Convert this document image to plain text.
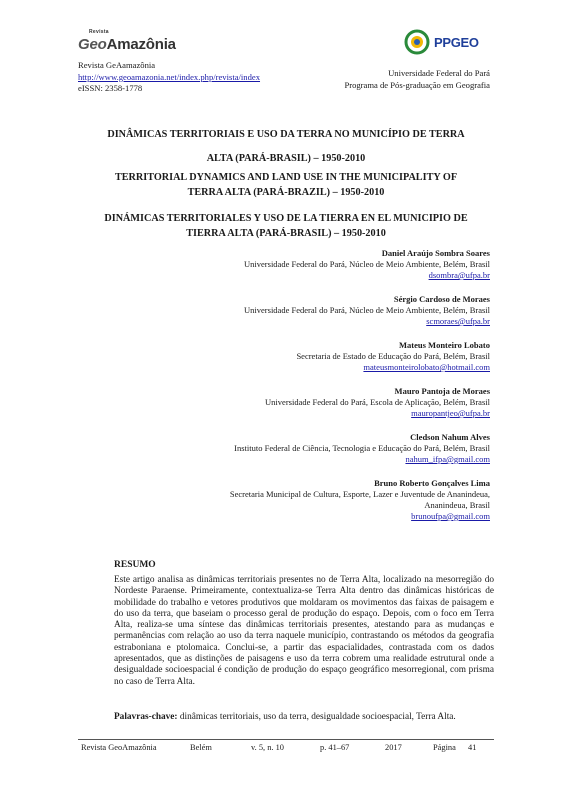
Revista
GeoAmazônia	PPGEO
Revista GeAamazônia
http://www.geoamazonia.net/index.php/revista/index
eISSN: 2358-1778
Universidade Federal do Pará
Programa de Pós-graduação em Geografia
DINÂMICAS TERRITORIAIS E USO DA TERRA NO MUNICÍPIO DE TERRA
ALTA (PARÁ-BRASIL) – 1950-2010
TERRITORIAL DYNAMICS AND LAND USE IN THE MUNICIPALITY OF
TERRA ALTA (PARÁ-BRAZIL) – 1950-2010
DINÁMICAS TERRITORIALES Y USO DE LA TIERRA EN EL MUNICIPIO DE
TIERRA ALTA (PARÁ-BRASIL) – 1950-2010
Daniel Araújo Sombra Soares
Universidade Federal do Pará, Núcleo de Meio Ambiente, Belém, Brasil
dsombra@ufpa.br
Sérgio Cardoso de Moraes
Universidade Federal do Pará, Núcleo de Meio Ambiente, Belém, Brasil
scmoraes@ufpa.br
Mateus Monteiro Lobato
Secretaria de Estado de Educação do Pará, Belém, Brasil
mateusmonteirolobato@hotmail.com
Mauro Pantoja de Moraes
Universidade Federal do Pará, Escola de Aplicação, Belém, Brasil
mauropantjeo@ufpa.br
Cledson Nahum Alves
Instituto Federal de Ciência, Tecnologia e Educação do Pará, Belém, Brasil
nahum_ifpa@gmail.com
Bruno Roberto Gonçalves Lima
Secretaria Municipal de Cultura, Esporte, Lazer e Juventude de Ananindeua,
Ananindeua, Brasil
brunoufpa@gmail.com
RESUMO
Este artigo analisa as dinâmicas territoriais presentes no de Terra Alta, localizado na mesorregião do Nordeste Paraense. Primeiramente, contextualiza-se Terra Alta dentro das dinâmicas históricas de mobilidade do trabalho e vetores produtivos que moldaram os movimentos das faixas de paisagem e do uso da terra, que baseiam o processo geral de produção do espaço. Depois, com o foco em Terra Alta, realiza-se uma síntese das dinâmicas territoriais presentes, atestando para as mudanças e permanências com relação ao uso da terra naquele município, contrastando os métodos da geografia estraboniana e ptolomaica. Conclui-se, a partir das espacialidades, contrastada com os dados apresentados, que as distinções de paisagens e uso da terra cobrem uma realidade estrutural onde a desigualdade socioespacial é condição de produção do espaço geográfico mesorregional, com prisma no caso de Terra Alta.
Palavras-chave: dinâmicas territoriais, uso da terra, desigualdade socioespacial, Terra Alta.
Revista GeoAmazônia	Belém	v. 5, n. 10	p. 41–67	2017	Página 41
